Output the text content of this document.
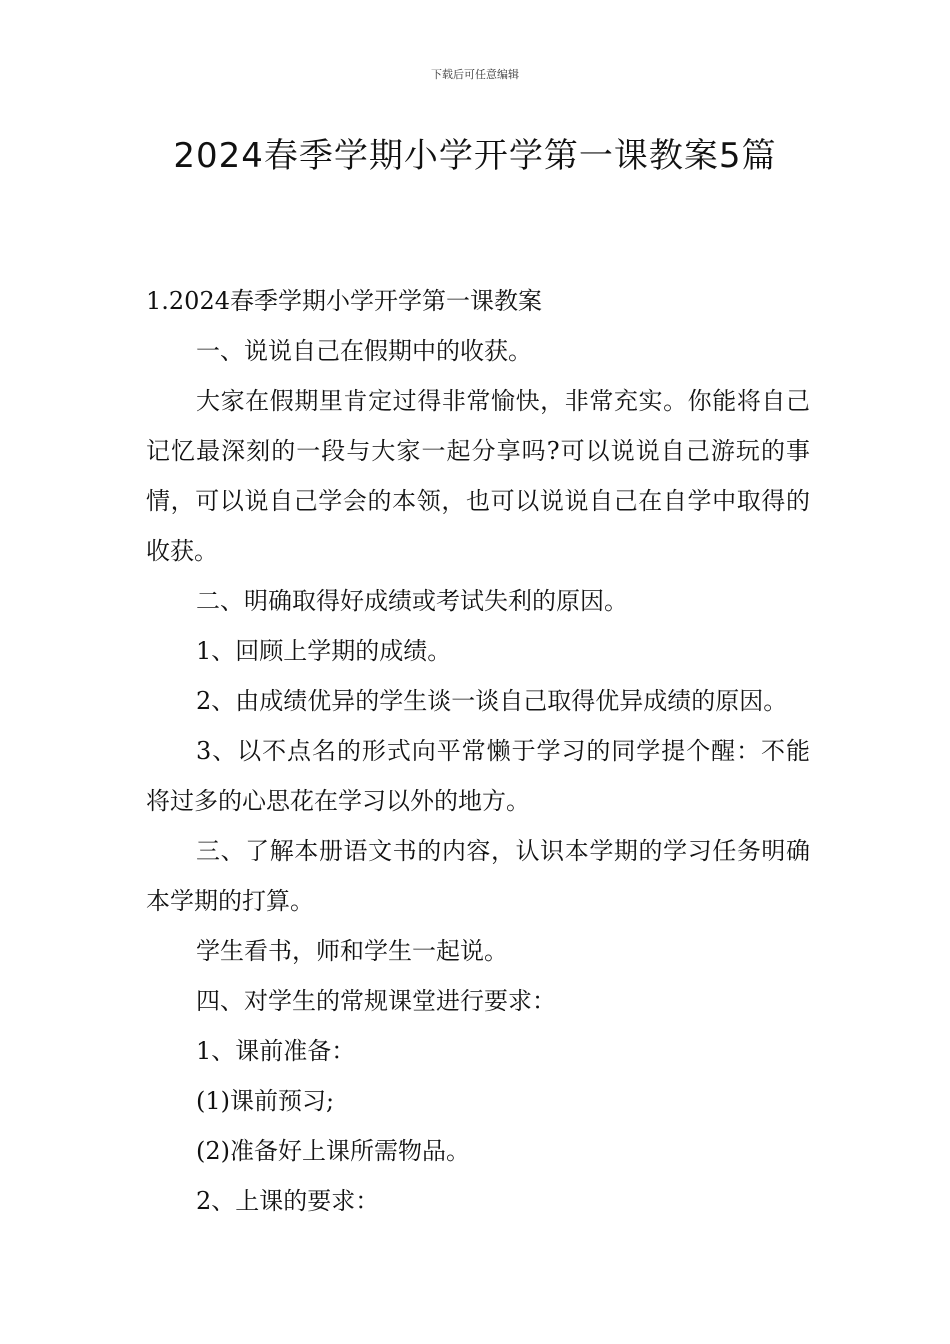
下载后可任意编辑
2024春季学期小学开学第一课教案5篇

1.2024春季学期小学开学第一课教案

一、说说自己在假期中的收获。

大家在假期里肯定过得非常愉快，非常充实。你能将自己记忆最深刻的一段与大家一起分享吗?可以说说自己游玩的事情，可以说自己学会的本领，也可以说说自己在自学中取得的收获。

二、明确取得好成绩或考试失利的原因。

1、回顾上学期的成绩。

2、由成绩优异的学生谈一谈自己取得优异成绩的原因。

3、以不点名的形式向平常懒于学习的同学提个醒：不能将过多的心思花在学习以外的地方。

三、了解本册语文书的内容，认识本学期的学习任务明确本学期的打算。

学生看书，师和学生一起说。

四、对学生的常规课堂进行要求：

1、课前准备：

(1)课前预习;

(2)准备好上课所需物品。

2、上课的要求：
